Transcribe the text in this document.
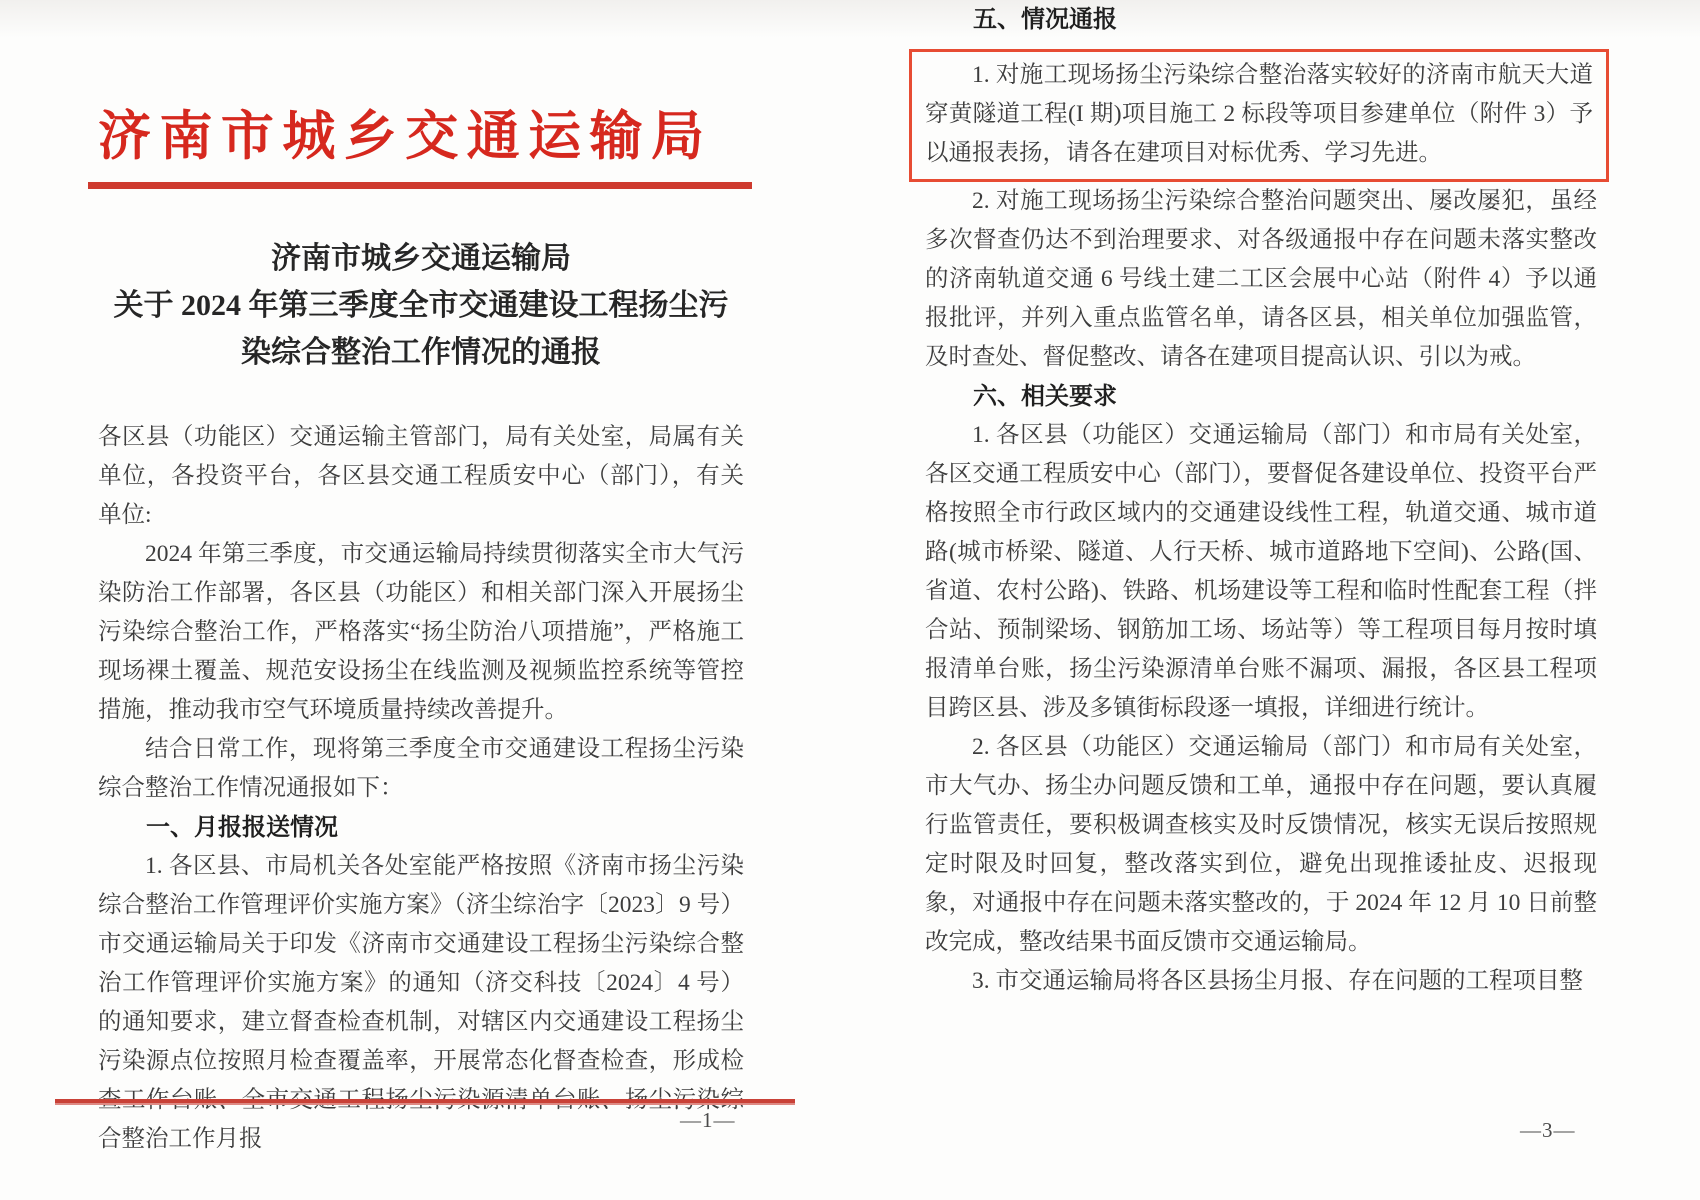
济南市城乡交通运输局
济南市城乡交通运输局
关于 2024 年第三季度全市交通建设工程扬尘污
染综合整治工作情况的通报

各区县（功能区）交通运输主管部门，局有关处室，局属有关单位，各投资平台，各区县交通工程质安中心（部门），有关单位:

2024 年第三季度，市交通运输局持续贯彻落实全市大气污染防治工作部署，各区县（功能区）和相关部门深入开展扬尘污染综合整治工作，严格落实“扬尘防治八项措施”，严格施工现场裸土覆盖、规范安设扬尘在线监测及视频监控系统等管控措施，推动我市空气环境质量持续改善提升。

结合日常工作，现将第三季度全市交通建设工程扬尘污染综合整治工作情况通报如下：

一、月报报送情况

1. 各区县、市局机关各处室能严格按照《济南市扬尘污染综合整治工作管理评价实施方案》（济尘综治字〔2023〕9 号）市交通运输局关于印发《济南市交通建设工程扬尘污染综合整治工作管理评价实施方案》的通知（济交科技〔2024〕4 号）的通知要求，建立督查检查机制，对辖区内交通建设工程扬尘污染源点位按照月检查覆盖率，开展常态化督查检查，形成检查工作台账、全市交通工程扬尘污染源清单台账、扬尘污染综合整治工作月报

—1—
五、情况通报

1. 对施工现场扬尘污染综合整治落实较好的济南市航天大道穿黄隧道工程(I 期)项目施工 2 标段等项目参建单位（附件 3）予以通报表扬，请各在建项目对标优秀、学习先进。

2. 对施工现场扬尘污染综合整治问题突出、屡改屡犯，虽经多次督查仍达不到治理要求、对各级通报中存在问题未落实整改的济南轨道交通 6 号线土建二工区会展中心站（附件 4）予以通报批评，并列入重点监管名单，请各区县，相关单位加强监管，及时查处、督促整改、请各在建项目提高认识、引以为戒。

六、相关要求

1. 各区县（功能区）交通运输局（部门）和市局有关处室，各区交通工程质安中心（部门），要督促各建设单位、投资平台严格按照全市行政区域内的交通建设线性工程，轨道交通、城市道路(城市桥梁、隧道、人行天桥、城市道路地下空间)、公路(国、省道、农村公路)、铁路、机场建设等工程和临时性配套工程（拌合站、预制梁场、钢筋加工场、场站等）等工程项目每月按时填报清单台账，扬尘污染源清单台账不漏项、漏报，各区县工程项目跨区县、涉及多镇街标段逐一填报，详细进行统计。

2. 各区县（功能区）交通运输局（部门）和市局有关处室，市大气办、扬尘办问题反馈和工单，通报中存在问题，要认真履行监管责任，要积极调查核实及时反馈情况，核实无误后按照规定时限及时回复，整改落实到位，避免出现推诿扯皮、迟报现象，对通报中存在问题未落实整改的，于 2024 年 12 月 10 日前整改完成，整改结果书面反馈市交通运输局。

3. 市交通运输局将各区县扬尘月报、存在问题的工程项目整

—3—
